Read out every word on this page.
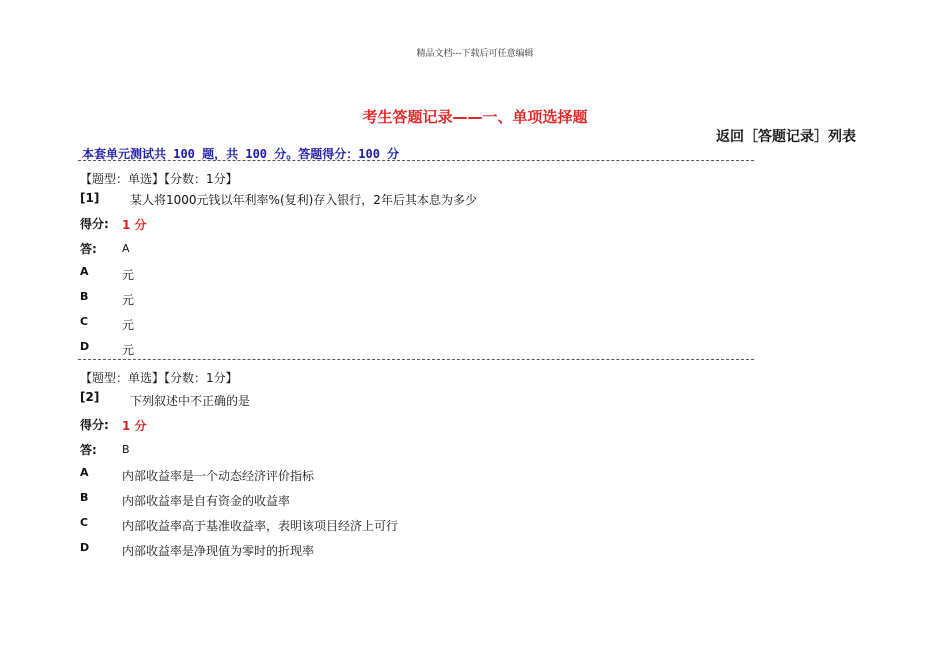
精品文档---下载后可任意编辑
考生答题记录——一、单项选择题
返回［答题记录］列表
本套单元测试共 100 题，共 100 分。答题得分：100 分
【题型：单选】【分数：1分】
[1]	某人将1000元钱以年利率%(复利)存入银行，2年后其本息为多少
得分: 1 分
答: A
A	元
B	元
C	元
D	元
【题型：单选】【分数：1分】
[2]	下列叙述中不正确的是
得分: 1 分
答: B
A	内部收益率是一个动态经济评价指标
B	内部收益率是自有资金的收益率
C	内部收益率高于基准收益率，表明该项目经济上可行
D	内部收益率是净现值为零时的折现率
